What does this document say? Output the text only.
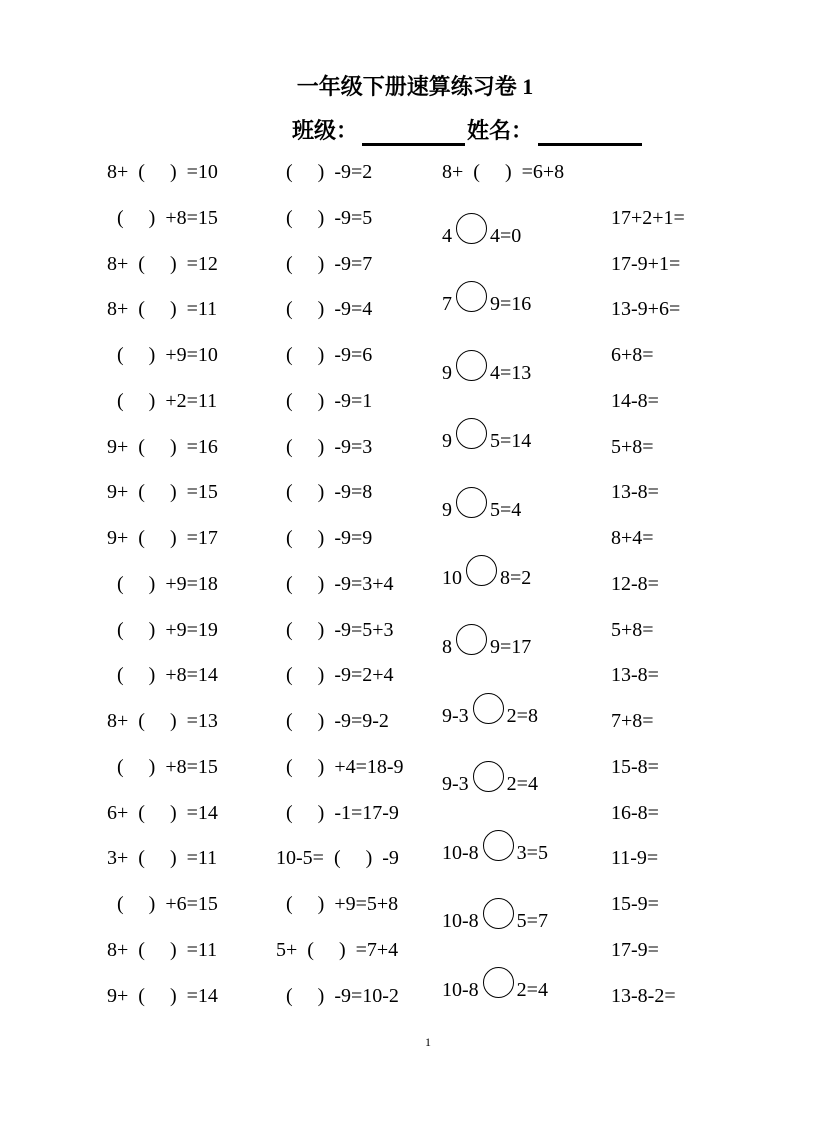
一年级下册速算练习卷 1
班级：	姓名：
8+  (     )  =10
(     )  +8=15
8+  (     )  =12
8+  (     )  =11
(     )  +9=10
(     )  +2=11
9+  (     )  =16
9+  (     )  =15
9+  (     )  =17
(     )  +9=18
(     )  +9=19
(     )  +8=14
8+  (     )  =13
(     )  +8=15
6+  (     )  =14
3+  (     )  =11
(     )  +6=15
8+  (     )  =11
9+  (     )  =14
(     )  -9=2
(     )  -9=5
(     )  -9=7
(     )  -9=4
(     )  -9=6
(     )  -9=1
(     )  -9=3
(     )  -9=8
(     )  -9=9
(     )  -9=3+4
(     )  -9=5+3
(     )  -9=2+4
(     )  -9=9-2
(     )  +4=18-9
(     )  -1=17-9
10-5=  (     )  -9
(     )  +9=5+8
5+  (     )  =7+4
(     )  -9=10-2
8+  (     )  =6+8
4 4=0
7 9=16
9 4=13
9 5=14
9 5=4
10 8=2
8 9=17
9-3 2=8
9-3 2=4
10-8 3=5
10-8 5=7
10-8 2=4
17+2+1=
17-9+1=
13-9+6=
6+8=
14-8=
5+8=
13-8=
8+4=
12-8=
5+8=
13-8=
7+8=
15-8=
16-8=
11-9=
15-9=
17-9=
13-8-2=
1
